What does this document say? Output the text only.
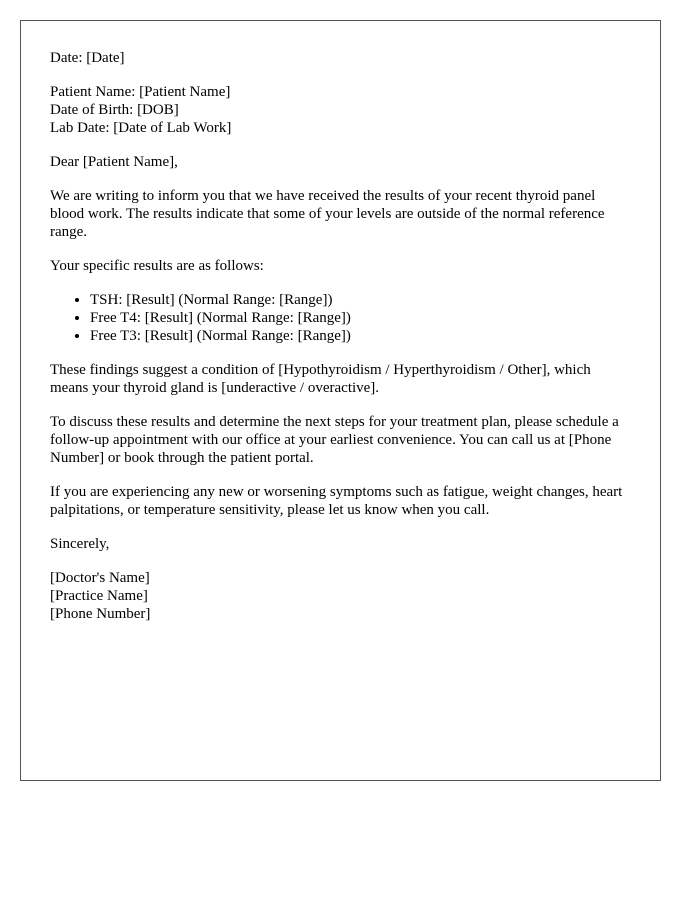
Date: [Date]

Patient Name: [Patient Name]
Date of Birth: [DOB]
Lab Date: [Date of Lab Work]

Dear [Patient Name],

We are writing to inform you that we have received the results of your recent thyroid panel blood work. The results indicate that some of your levels are outside of the normal reference range.

Your specific results are as follows:

• TSH: [Result] (Normal Range: [Range])
• Free T4: [Result] (Normal Range: [Range])
• Free T3: [Result] (Normal Range: [Range])

These findings suggest a condition of [Hypothyroidism / Hyperthyroidism / Other], which means your thyroid gland is [underactive / overactive].

To discuss these results and determine the next steps for your treatment plan, please schedule a follow-up appointment with our office at your earliest convenience. You can call us at [Phone Number] or book through the patient portal.

If you are experiencing any new or worsening symptoms such as fatigue, weight changes, heart palpitations, or temperature sensitivity, please let us know when you call.

Sincerely,

[Doctor's Name]
[Practice Name]
[Phone Number]
